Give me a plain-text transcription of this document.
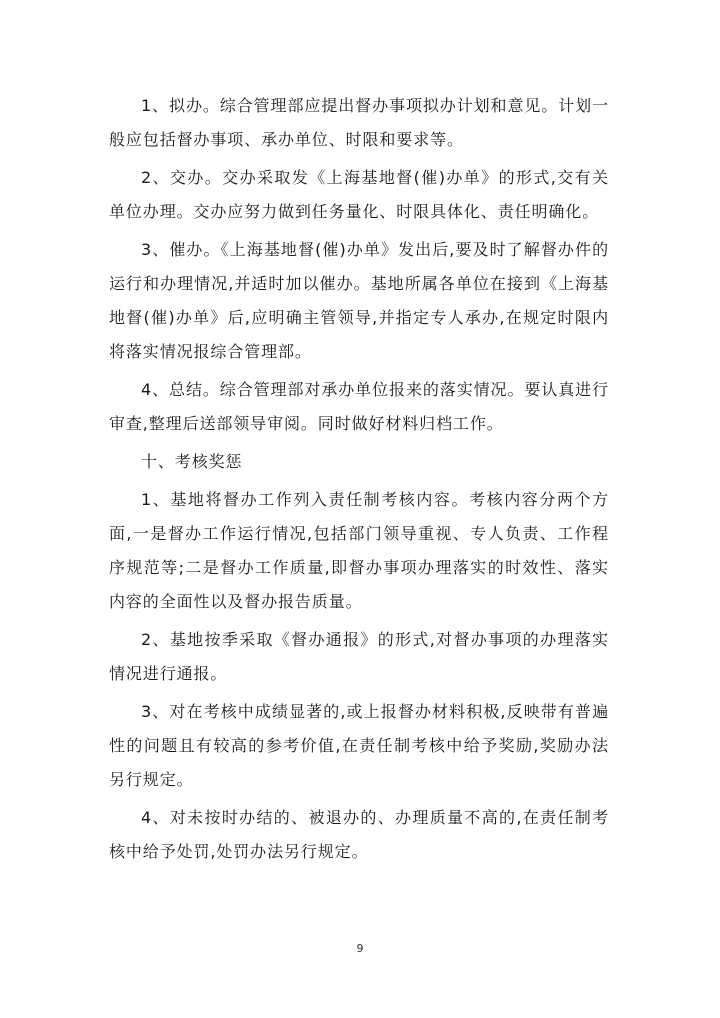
1、拟办。综合管理部应提出督办事项拟办计划和意见。计划一般应包括督办事项、承办单位、时限和要求等。

2、交办。交办采取发《上海基地督(催)办单》的形式,交有关单位办理。交办应努力做到任务量化、时限具体化、责任明确化。

3、催办。《上海基地督(催)办单》发出后,要及时了解督办件的运行和办理情况,并适时加以催办。基地所属各单位在接到《上海基地督(催)办单》后,应明确主管领导,并指定专人承办,在规定时限内将落实情况报综合管理部。

4、总结。综合管理部对承办单位报来的落实情况。要认真进行审查,整理后送部领导审阅。同时做好材料归档工作。

十、考核奖惩

1、基地将督办工作列入责任制考核内容。考核内容分两个方面,一是督办工作运行情况,包括部门领导重视、专人负责、工作程序规范等;二是督办工作质量,即督办事项办理落实的时效性、落实内容的全面性以及督办报告质量。

2、基地按季采取《督办通报》的形式,对督办事项的办理落实情况进行通报。

3、对在考核中成绩显著的,或上报督办材料积极,反映带有普遍性的问题且有较高的参考价值,在责任制考核中给予奖励,奖励办法另行规定。

4、对未按时办结的、被退办的、办理质量不高的,在责任制考核中给予处罚,处罚办法另行规定。

9
